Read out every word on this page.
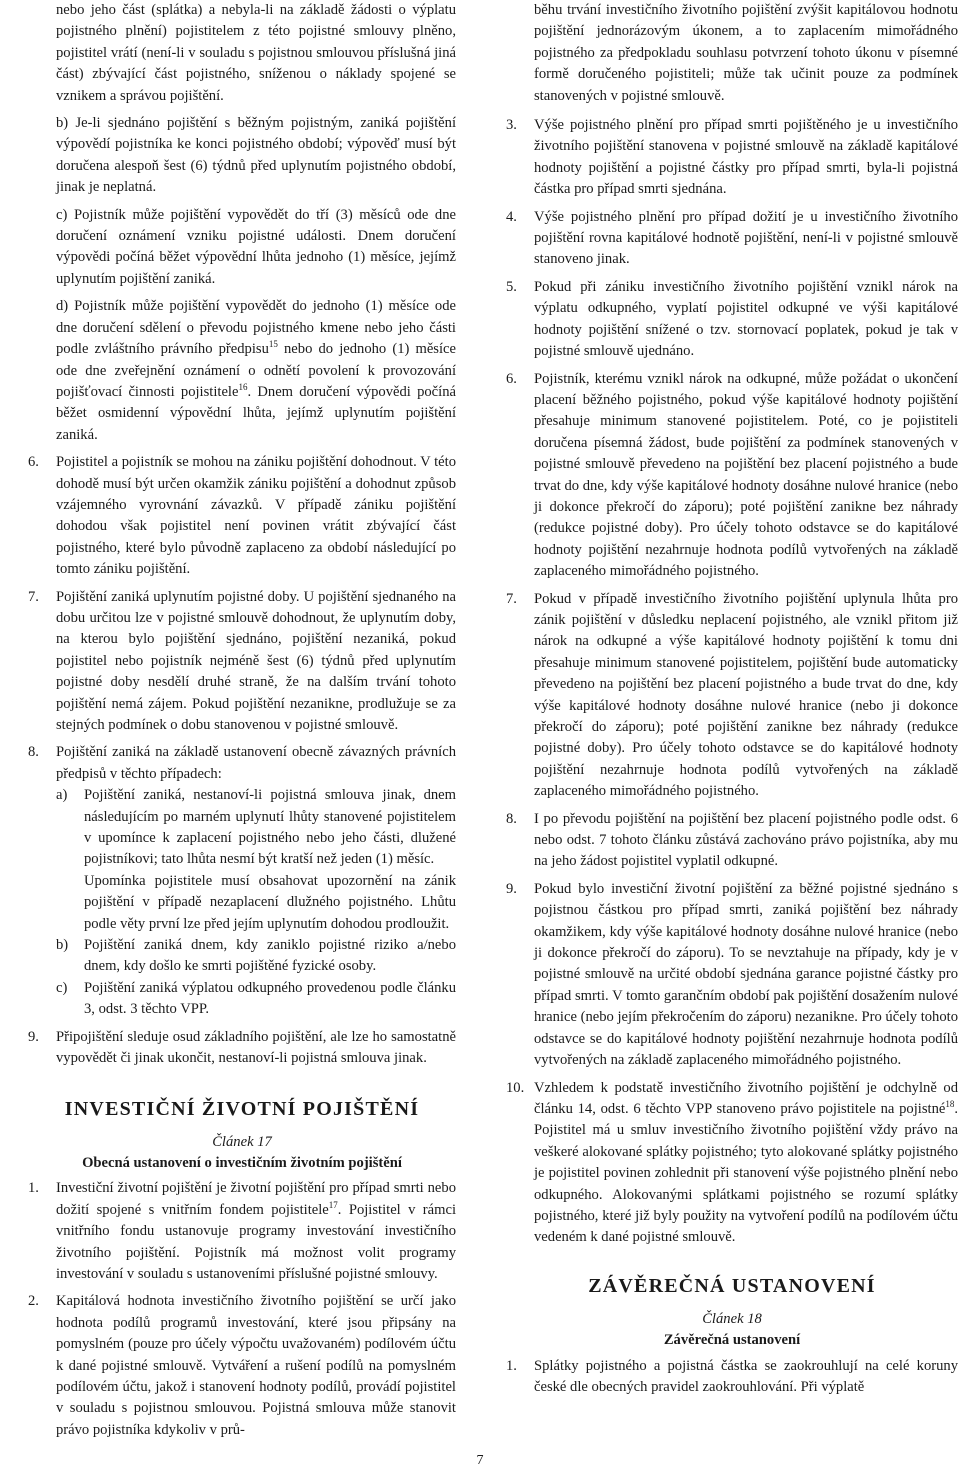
nebo jeho část (splátka) a nebyla-li na základě žádosti o výplatu pojistného plnění) pojistitelem z této pojistné smlouvy plněno, pojistitel vrátí (není-li v souladu s pojistnou smlouvou příslušná jiná část) zbývající část pojistného, sníženou o náklady spojené se vznikem a správou pojištění.

b) Je-li sjednáno pojištění s běžným pojistným, zaniká pojištění výpovědí pojistníka ke konci pojistného období; výpověď musí být doručena alespoň šest (6) týdnů před uplynutím pojistného období, jinak je neplatná.

c) Pojistník může pojištění vypovědět do tří (3) měsíců ode dne doručení oznámení vzniku pojistné události. Dnem doručení výpovědi počíná běžet výpovědní lhůta jednoho (1) měsíce, jejímž uplynutím pojištění zaniká.

d) Pojistník může pojištění vypovědět do jednoho (1) měsíce ode dne doručení sdělení o převodu pojistného kmene nebo jeho části podle zvláštního právního předpisu$^{15}$ nebo do jednoho (1) měsíce ode dne zveřejnění oznámení o odnětí povolení k provozování pojišťovací činnosti pojistitele$^{16}$. Dnem doručení výpovědi počíná běžet osmidenní výpovědní lhůta, jejímž uplynutím pojištění zaniká.

6. Pojistitel a pojistník se mohou na zániku pojištění dohodnout. V této dohodě musí být určen okamžik zániku pojištění a dohodnut způsob vzájemného vyrovnání závazků. V případě zániku pojištění dohodou však pojistitel není povinen vrátit zbývající část pojistného, které bylo původně zaplaceno za období následující po tomto zániku pojištění.

7. Pojištění zaniká uplynutím pojistné doby. U pojištění sjednaného na dobu určitou lze v pojistné smlouvě dohodnout, že uplynutím doby, na kterou bylo pojištění sjednáno, pojištění nezaniká, pokud pojistitel nebo pojistník nejméně šest (6) týdnů před uplynutím pojistné doby nesdělí druhé straně, že na dalším trvání tohoto pojištění nemá zájem. Pokud pojištění nezanikne, prodlužuje se za stejných podmínek o dobu stanovenou v pojistné smlouvě.

8. Pojištění zaniká na základě ustanovení obecně závazných právních předpisů v těchto případech:

a) Pojištění zaniká, nestanoví-li pojistná smlouva jinak, dnem následujícím po marném uplynutí lhůty stanovené pojistitelem v upomínce k zaplacení pojistného nebo jeho části, dlužené pojistníkovi; tato lhůta nesmí být kratší než jeden (1) měsíc.

Upomínka pojistitele musí obsahovat upozornění na zánik pojištění v případě nezaplacení dlužného pojistného. Lhůtu podle věty první lze před jejím uplynutím dohodou prodloužit.

b) Pojištění zaniká dnem, kdy zaniklo pojistné riziko a/nebo dnem, kdy došlo ke smrti pojištěné fyzické osoby.

c) Pojištění zaniká výplatou odkupného provedenou podle článku 3, odst. 3 těchto VPP.

9. Připojištění sleduje osud základního pojištění, ale lze ho samostatně vypovědět či jinak ukončit, nestanoví-li pojistná smlouva jinak.

INVESTIČNÍ ŽIVOTNÍ POJIŠTĚNÍ

Článek 17

Obecná ustanovení o investičním životním pojištění

1. Investiční životní pojištění je životní pojištění pro případ smrti nebo dožití spojené s vnitřním fondem pojistitele$^{17}$. Pojistitel v rámci vnitřního fondu ustanovuje programy investování investičního životního pojištění. Pojistník má možnost volit programy investování v souladu s ustanoveními příslušné pojistné smlouvy.

2. Kapitálová hodnota investičního životního pojištění se určí jako hodnota podílů programů investování, které jsou připsány na pomyslném (pouze pro účely výpočtu uvažovaném) podílovém účtu k dané pojistné smlouvě. Vytváření a rušení podílů na pomyslném podílovém účtu, jakož i stanovení hodnoty podílů, provádí pojistitel v souladu s pojistnou smlouvou. Pojistná smlouva může stanovit právo pojistníka kdykoliv v prů-

běhu trvání investičního životního pojištění zvýšit kapitálovou hodnotu pojištění jednorázovým úkonem, a to zaplacením mimořádného pojistného za předpokladu souhlasu potvrzení tohoto úkonu v písemné formě doručeného pojistiteli; může tak učinit pouze za podmínek stanovených v pojistné smlouvě.

3. Výše pojistného plnění pro případ smrti pojištěného je u investičního životního pojištění stanovena v pojistné smlouvě na základě kapitálové hodnoty pojištění a pojistné částky pro případ smrti, byla-li pojistná částka pro případ smrti sjednána.

4. Výše pojistného plnění pro případ dožití je u investičního životního pojištění rovna kapitálové hodnotě pojištění, není-li v pojistné smlouvě stanoveno jinak.

5. Pokud při zániku investičního životního pojištění vznikl nárok na výplatu odkupného, vyplatí pojistitel odkupné ve výši kapitálové hodnoty pojištění snížené o tzv. stornovací poplatek, pokud je tak v pojistné smlouvě ujednáno.

6. Pojistník, kterému vznikl nárok na odkupné, může požádat o ukončení placení běžného pojistného, pokud výše kapitálové hodnoty pojištění přesahuje minimum stanovené pojistitelem. Poté, co je pojistiteli doručena písemná žádost, bude pojištění za podmínek stanovených v pojistné smlouvě převedeno na pojištění bez placení pojistného a bude trvat do dne, kdy výše kapitálové hodnoty dosáhne nulové hranice (nebo ji dokonce překročí do záporu); poté pojištění zanikne bez náhrady (redukce pojistné doby). Pro účely tohoto odstavce se do kapitálové hodnoty pojištění nezahrnuje hodnota podílů vytvořených na základě zaplaceného mimořádného pojistného.

7. Pokud v případě investičního životního pojištění uplynula lhůta pro zánik pojištění v důsledku neplacení pojistného, ale vznikl přitom již nárok na odkupné a výše kapitálové hodnoty pojištění k tomu dni přesahuje minimum stanovené pojistitelem, pojištění bude automaticky převedeno na pojištění bez placení pojistného a bude trvat do dne, kdy výše kapitálové hodnoty dosáhne nulové hranice (nebo ji dokonce překročí do záporu); poté pojištění zanikne bez náhrady (redukce pojistné doby). Pro účely tohoto odstavce se do kapitálové hodnoty pojištění nezahrnuje hodnota podílů vytvořených na základě zaplaceného mimořádného pojistného.

8. I po převodu pojištění na pojištění bez placení pojistného podle odst. 6 nebo odst. 7 tohoto článku zůstává zachováno právo pojistníka, aby mu na jeho žádost pojistitel vyplatil odkupné.

9. Pokud bylo investiční životní pojištění za běžné pojistné sjednáno s pojistnou částkou pro případ smrti, zaniká pojištění bez náhrady okamžikem, kdy výše kapitálové hodnoty dosáhne nulové hranice (nebo ji dokonce překročí do záporu). To se nevztahuje na případy, kdy je v pojistné smlouvě na určité období sjednána garance pojistné částky pro případ smrti. V tomto garančním období pak pojištění dosažením nulové hranice (nebo jejím překročením do záporu) nezanikne. Pro účely tohoto odstavce se do kapitálové hodnoty pojištění nezahrnuje hodnota podílů vytvořených na základě zaplaceného mimořádného pojistného.

10. Vzhledem k podstatě investičního životního pojištění je odchylně od článku 14, odst. 6 těchto VPP stanoveno právo pojistitele na pojistné$^{18}$. Pojistitel má u smluv investičního životního pojištění vždy právo na veškeré alokované splátky pojistného; tyto alokované splátky pojistného je pojistitel povinen zohlednit při stanovení výše pojistného plnění nebo odkupného. Alokovanými splátkami pojistného se rozumí splátky pojistného, které již byly použity na vytvoření podílů na podílovém účtu vedeném k dané pojistné smlouvě.

ZÁVĚREČNÁ USTANOVENÍ

Článek 18

Závěrečná ustanovení

1. Splátky pojistného a pojistná částka se zaokrouhlují na celé koruny české dle obecných pravidel zaokrouhlování. Při výplatě

7
